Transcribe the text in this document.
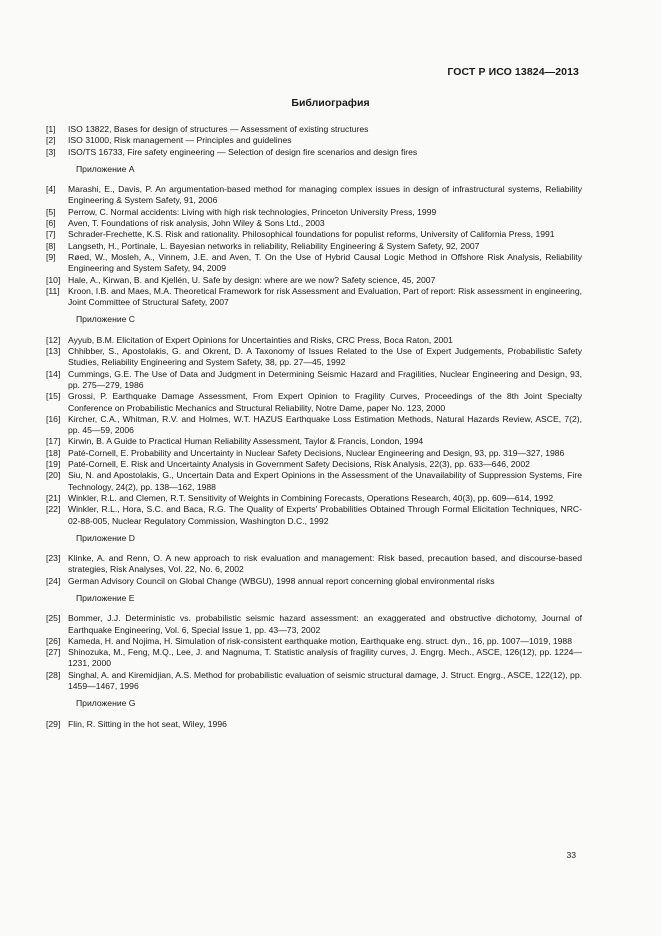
ГОСТ Р ИСО 13824—2013
Библиография
[1]	ISO 13822, Bases for design of structures — Assessment of existing structures
[2]	ISO 31000, Risk management — Principles and guidelines
[3]	ISO/TS 16733, Fire safety engineering — Selection of design fire scenarios and design fires
Приложение А
[4]	Marashi, E., Davis, P. An argumentation-based method for managing complex issues in design of infrastructural systems, Reliability Engineering & System Safety, 91, 2006
[5]	Perrow, C. Normal accidents: Living with high risk technologies, Princeton University Press, 1999
[6]	Aven, T. Foundations of risk analysis, John Wiley & Sons Ltd., 2003
[7]	Schrader-Frechette, K.S. Risk and rationality. Philosophical foundations for populist reforms, University of California Press, 1991
[8]	Langseth, H., Portinale, L. Bayesian networks in reliability, Reliability Engineering & System Safety, 92, 2007
[9]	Røed, W., Mosleh, A., Vinnem, J.E. and Aven, T. On the Use of Hybrid Causal Logic Method in Offshore Risk Analysis, Reliability Engineering and System Safety, 94, 2009
[10] Hale, A., Kirwan, B. and Kjellén, U. Safe by design: where are we now? Safety science, 45, 2007
[11] Kroon, I.B. and Maes, M.A. Theoretical Framework for risk Assessment and Evaluation, Part of report: Risk assessment in engineering, Joint Committee of Structural Safety, 2007
Приложение С
[12] Ayyub, B.M. Elicitation of Expert Opinions for Uncertainties and Risks, CRC Press, Boca Raton, 2001
[13] Chhibber, S., Apostolakis, G. and Okrent, D. A Taxonomy of Issues Related to the Use of Expert Judgements, Probabilistic Safety Studies, Reliability Engineering and System Safety, 38, pp. 27—45, 1992
[14] Cummings, G.E. The Use of Data and Judgment in Determining Seismic Hazard and Fragilities, Nuclear Engineering and Design, 93, pp. 275—279, 1986
[15] Grossi, P. Earthquake Damage Assessment, From Expert Opinion to Fragility Curves, Proceedings of the 8th Joint Specialty Conference on Probabilistic Mechanics and Structural Reliability, Notre Dame, paper No. 123, 2000
[16] Kircher, C.A., Whitman, R.V. and Holmes, W.T. HAZUS Earthquake Loss Estimation Methods, Natural Hazards Review, ASCE, 7(2), pp. 45—59, 2006
[17] Kirwin, B. A Guide to Practical Human Reliability Assessment, Taylor & Francis, London, 1994
[18] Paté-Cornell, E. Probability and Uncertainty in Nuclear Safety Decisions, Nuclear Engineering and Design, 93, pp. 319—327, 1986
[19] Paté-Cornell, E. Risk and Uncertainty Analysis in Government Safety Decisions, Risk Analysis, 22(3), pp. 633—646, 2002
[20] Siu, N. and Apostolakis, G., Uncertain Data and Expert Opinions in the Assessment of the Unavailability of Suppression Systems, Fire Technology, 24(2), pp. 138—162, 1988
[21] Winkler, R.L. and Clemen, R.T. Sensitivity of Weights in Combining Forecasts, Operations Research, 40(3), pp. 609—614, 1992
[22] Winkler, R.L., Hora, S.C. and Baca, R.G. The Quality of Experts' Probabilities Obtained Through Formal Elicitation Techniques, NRC-02-88-005, Nuclear Regulatory Commission, Washington D.C., 1992
Приложение D
[23] Klinke, A. and Renn, O. A new approach to risk evaluation and management: Risk based, precaution based, and discourse-based strategies, Risk Analyses, Vol. 22, No. 6, 2002
[24] German Advisory Council on Global Change (WBGU), 1998 annual report concerning global environmental risks
Приложение Е
[25] Bommer, J.J. Deterministic vs. probabilistic seismic hazard assessment: an exaggerated and obstructive dichotomy, Journal of Earthquake Engineering, Vol. 6, Special Issue 1, pp. 43—73, 2002
[26] Kameda, H. and Nojima, H. Simulation of risk-consistent earthquake motion, Earthquake eng. struct. dyn., 16, pp. 1007—1019, 1988
[27] Shinozuka, M., Feng, M.Q., Lee, J. and Nagnuma, T. Statistic analysis of fragility curves, J. Engrg. Mech., ASCE, 126(12), pp. 1224—1231, 2000
[28] Singhal, A. and Kiremidjian, A.S. Method for probabilistic evaluation of seismic structural damage, J. Struct. Engrg., ASCE, 122(12), pp. 1459—1467, 1996
Приложение G
[29] Flin, R. Sitting in the hot seat, Wiley, 1996
33
